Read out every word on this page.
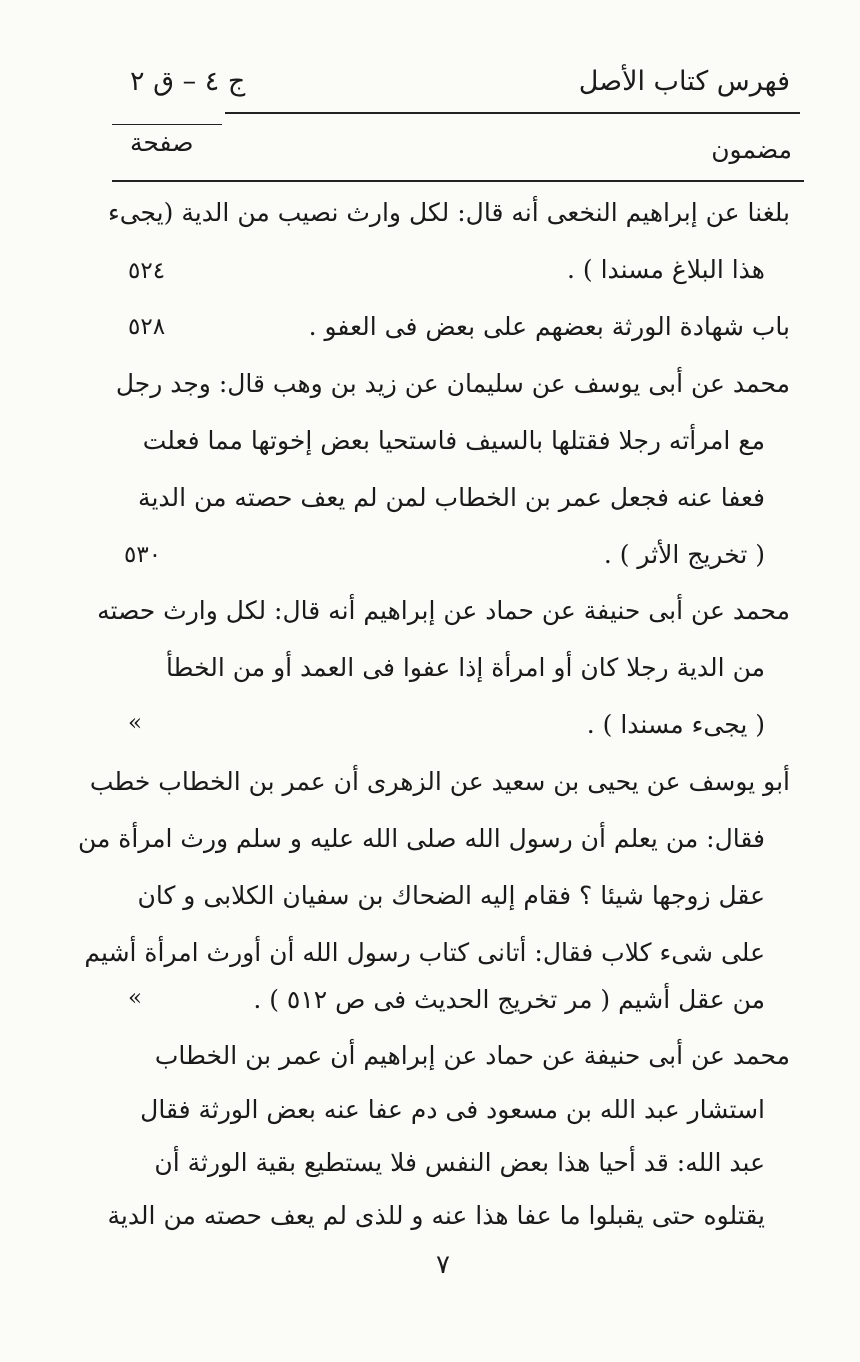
فهرس كتاب الأصل
ج ٤ – ق ٢
مضمون
صفحة
بلغنا عن إبراهيم النخعى أنه قال: لكل وارث نصيب من الدية (يجىء
هذا البلاغ مسندا ) .
باب شهادة الورثة بعضهم على بعض فى العفو .
محمد عن أبى يوسف عن سليمان عن زيد بن وهب قال: وجد رجل
مع امرأته رجلا فقتلها بالسيف فاستحيا بعض إخوتها مما فعلت
فعفا عنه فجعل عمر بن الخطاب لمن لم يعف حصته من الدية
( تخريج الأثر ) .
محمد عن أبى حنيفة عن حماد عن إبراهيم أنه قال: لكل وارث حصته
من الدية رجلا كان أو امرأة إذا عفوا فى العمد أو من الخطأ
( يجىء مسندا ) .
أبو يوسف عن يحيى بن سعيد عن الزهرى أن عمر بن الخطاب خطب
فقال: من يعلم أن رسول الله صلى الله عليه و سلم ورث امرأة من
عقل زوجها شيئا ؟ فقام إليه الضحاك بن سفيان الكلابى و كان
على شىء كلاب فقال: أتانى كتاب رسول الله أن أورث امرأة أشيم
من عقل أشيم ( مر تخريج الحديث فى ص ٥١٢ ) .
محمد عن أبى حنيفة عن حماد عن إبراهيم أن عمر بن الخطاب
استشار عبد الله بن مسعود فى دم عفا عنه بعض الورثة فقال
عبد الله: قد أحيا هذا بعض النفس فلا يستطيع بقية الورثة أن
يقتلوه حتى يقبلوا ما عفا هذا عنه و للذى لم يعف حصته من الدية
٥٢٤
٥٢٨
٥٣٠
»
»
٧
